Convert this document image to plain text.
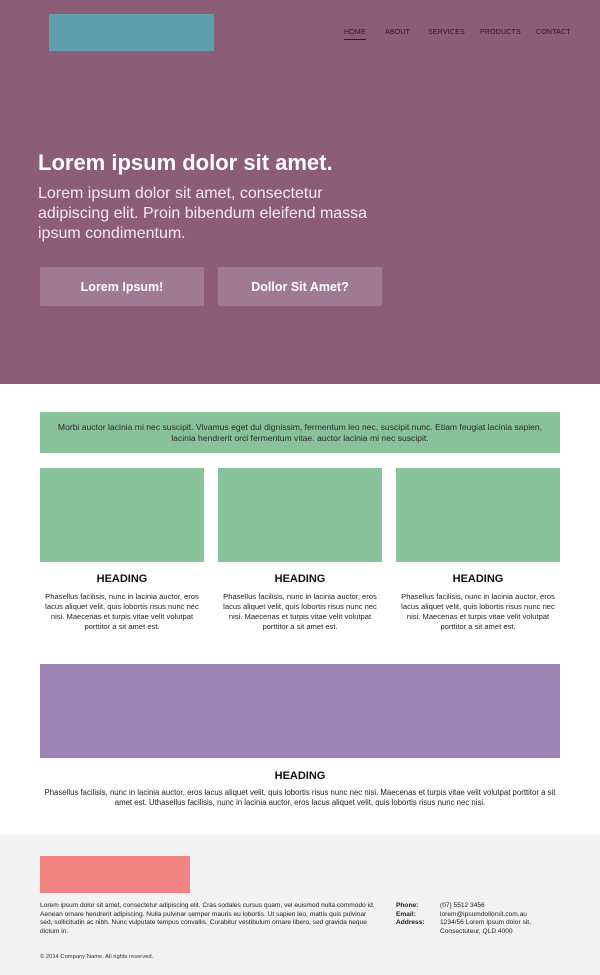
HOME	ABOUT	SERVICES PRODUCTS CONTACT
Lorem ipsum dolor sit amet.

Lorem ipsum dolor sit amet, consectetur adipiscing elit. Proin bibendum eleifend massa ipsum condimentum.

Lorem Ipsum!	Dollor Sit Amet?
Morbi auctor lacinia mi nec suscipit. Vivamus eget dui dignissim, fermentum leo nec, suscipit nunc. Etiam feugiat lacinia sapien, lacinia hendrerit orci fermentum vitae. auctor lacinia mi nec suscipit.
HEADING	HEADING	HEADING

Phasellus facilisis, nunc in lacinia auctor, eros lacus aliquet velit, quis lobortis risus nunc nec nisi. Maecenas et turpis vitae velit volutpat porttitor a sit amet est.

Phasellus facilisis, nunc in lacinia auctor, eros lacus aliquet velit, quis lobortis risus nunc nec nisi. Maecenas et turpis vitae velit volutpat porttitor a sit amet est.

Phasellus facilisis, nunc in lacinia auctor, eros lacus aliquet velit, quis lobortis risus nunc nec nisi. Maecenas et turpis vitae velit volutpat porttitor a sit amet est.

HEADING

Phasellus facilisis, nunc in lacinia auctor, eros lacus aliquet velit, quis lobortis risus nunc nec nisi. Maecenas et turpis vitae velit volutpat porttitor a sit amet est. Uthasellus facilisis, nunc in lacinia auctor, eros lacus aliquet velit, quis lobortis risus nunc nec nisi.

Lorem ipsum dolor sit amet, consectetur adipiscing elit. Cras sodales cursus quam, vel euismod nulla commodo id. Aenean ornare hendrerit adipiscing. Nulla pulvinar semper mauris eu lobortis. Ut sapien leo, mattis quis pulvinar sed, sollicitudin ac nibh. Nunc vulputate tempus convallis. Curabitur vestibulum ornare libero, sed gravida neque dictum in.

Phone:	(07) 5512 3456
Email:	lorem@ipsumdollorsit.com.au
Address:	1234/56 Lorem Ipsum dolor sit, Consectuteur, QLD 4000

© 2014 Company Name. All rights reserved.
